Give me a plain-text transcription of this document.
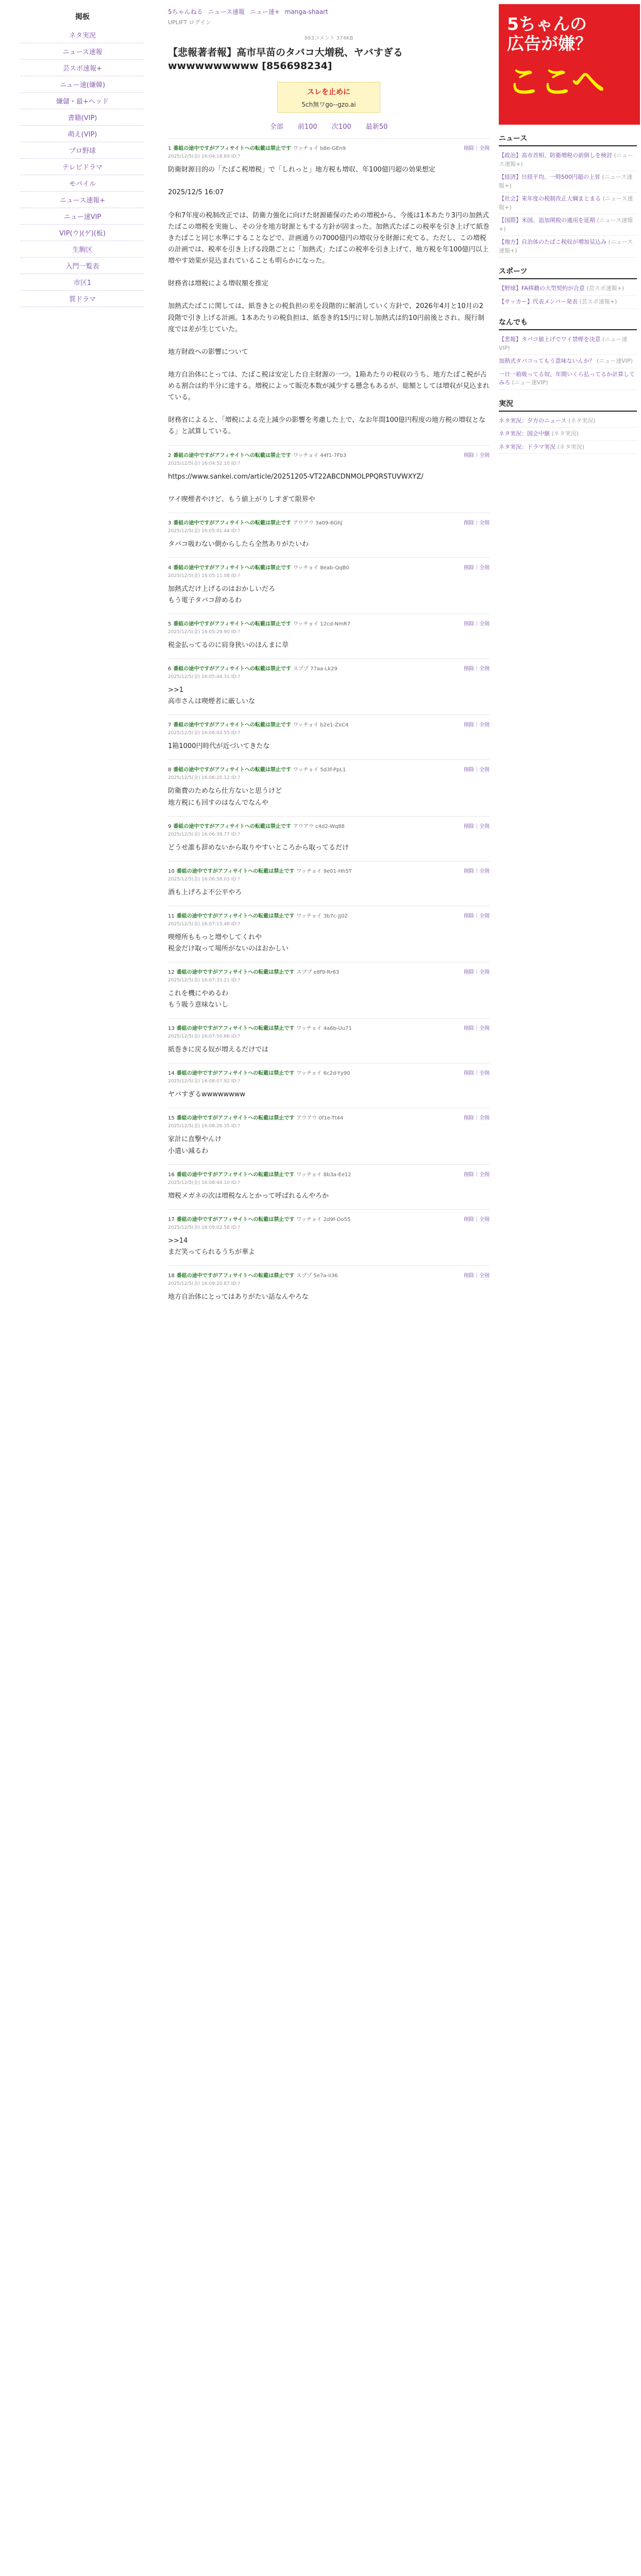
掲板
ネタ実況
ニュース速報
芸スポ速報+
ニュー速(嫌韓)
嫌儲・最+ヘッド
書籍(VIP)
萌え(VIP)
プロ野球
テレビドラマ
モバイル
ニュース速報+
ニュー速VIP
VIP(ウ)(ゲ)(板)
生駒区
入門一覧表
市区1
質ドラマ
5ちゃんねる ニュース速報 ニュー速+ manga-shaart
UPLIFT ログイン
993コメント 374KB
【悲報著者報】高市早苗のタバコ大増税、ヤバすぎるwwwwwwwwww [856698234]
スレを止めに
5ch無ワgo--gzo.ai
全部 前100 次100 最新50
1 番組の途中ですがアフィサイトへの転載は禁止です ワッチョイ b8e-GEn9	削除｜全削
2025/12/5(金) 16:04:18.69 ID:?
防衛財源目的の「たばこ税増税」で「しれっと」地方税も増収、年100億円超の効果想定

2025/12/5 16:07

令和7年度の税制改正では、防衛力強化に向けた財源確保のための増税から、今後は1本あたり3円の加熱式たばこの増税を実施し、その分を地方財源ともする方針が固まった。加熱式たばこの税率を引き上げて紙巻きたばこと同じ水準にすることなどで、計画通りの7000億円の増収分を財源に充てる。ただし、この増税の計画では、税率を引き上げる段階ごとに「加熱式」たばこの税率を引き上げて、地方税を年100億円以上増やす効果が見込まれていることも明らかになった。

財務省は増税による増収額を推定

加熱式たばこに関しては、紙巻きとの税負担の差を段階的に解消していく方針で、2026年4月と10月の2段階で引き上げる計画。1本あたりの税負担は、紙巻き約15円に対し加熱式は約10円前後とされ、現行制度では差が生じていた。

地方財政への影響について

地方自治体にとっては、たばこ税は安定した自主財源の一つ。1箱あたりの税収のうち、地方たばこ税が占める割合は約半分に達する。増税によって販売本数が減少する懸念もあるが、総額としては増収が見込まれている。

財務省によると、「増税による売上減少の影響を考慮した上で、なお年間100億円程度の地方税の増収となる」と試算している。
2 番組の途中ですがアフィサイトへの転載は禁止です ワッチョイ 44f1-7Fb3	削除｜全削
2025/12/5(金) 16:04:52.10 ID:?
https://www.sankei.com/article/20251205-VT22ABCDNMOLPPQRSTUVWXYZ/

ワイ喫煙者やけど、もう値上がりしすぎて限界や
3 番組の途中ですがアフィサイトへの転載は禁止です アウアウ 3a09-6GhJ	削除｜全削
2025/12/5(金) 16:05:01.44 ID:?
タバコ吸わない側からしたら全然ありがたいわ
4 番組の途中ですがアフィサイトへの転載は禁止です ワッチョイ 8eab-QqB0	削除｜全削
2025/12/5(金) 16:05:11.08 ID:?
加熱式だけ上げるのはおかしいだろ
もう電子タバコ辞めるわ
5 番組の途中ですがアフィサイトへの転載は禁止です ワッチョイ 12cd-NmR7	削除｜全削
2025/12/5(金) 16:05:29.90 ID:?
税金払ってるのに肩身狭いのほんまに草
6 番組の途中ですがアフィサイトへの転載は禁止です スププ 77aa-Lk29	削除｜全削
2025/12/5(金) 16:05:44.31 ID:?
>>1
高市さんは喫煙者に厳しいな
7 番組の途中ですがアフィサイトへの転載は禁止です ワッチョイ b2e1-ZxC4	削除｜全削
2025/12/5(金) 16:06:02.55 ID:?
1箱1000円時代が近づいてきたな
8 番組の途中ですがアフィサイトへの転載は禁止です ワッチョイ 5d3f-PpL1	削除｜全削
2025/12/5(金) 16:06:20.12 ID:?
防衛費のためなら仕方ないと思うけど
地方税にも回すのはなんでなんや
9 番組の途中ですがアフィサイトへの転載は禁止です アウアウ c4d2-Wq88	削除｜全削
2025/12/5(金) 16:06:39.77 ID:?
どうせ誰も辞めないから取りやすいところから取ってるだけ
10 番組の途中ですがアフィサイトへの転載は禁止です ワッチョイ 9e01-Hh5T	削除｜全削
2025/12/5(金) 16:06:58.03 ID:?
酒も上げろよ不公平やろ
11 番組の途中ですがアフィサイトへの転載は禁止です ワッチョイ 3b7c-Jj02	削除｜全削
2025/12/5(金) 16:07:15.48 ID:?
喫煙所ももっと増やしてくれや
税金だけ取って場所がないのはおかしい
12 番組の途中ですがアフィサイトへの転載は禁止です スププ e8f9-Rr63	削除｜全削
2025/12/5(金) 16:07:33.21 ID:?
これを機にやめるわ
もう吸う意味ないし
13 番組の途中ですがアフィサイトへの転載は禁止です ワッチョイ 4a6b-Uu71	削除｜全削
2025/12/5(金) 16:07:50.66 ID:?
紙巻きに戻る奴が増えるだけでは
14 番組の途中ですがアフィサイトへの転載は禁止です ワッチョイ 6c2d-Yy90	削除｜全削
2025/12/5(金) 16:08:07.92 ID:?
ヤバすぎるwwwwwwww
15 番組の途中ですがアフィサイトへの転載は禁止です アウアウ 0f1e-Tt44	削除｜全削
2025/12/5(金) 16:08:26.35 ID:?
家計に直撃やんけ
小遣い減るわ
16 番組の途中ですがアフィサイトへの転載は禁止です ワッチョイ 8b3a-Ee12	削除｜全削
2025/12/5(金) 16:08:44.10 ID:?
増税メガネの次は増税なんとかって呼ばれるんやろか
17 番組の途中ですがアフィサイトへの転載は禁止です ワッチョイ 2d9f-Oo55	削除｜全削
2025/12/5(金) 16:09:02.58 ID:?
>>14
まだ笑ってられるうちが華よ
18 番組の途中ですがアフィサイトへの転載は禁止です スププ 5e7a-Ii36	削除｜全削
2025/12/5(金) 16:09:20.87 ID:?
地方自治体にとってはありがたい話なんやろな
5ちゃんの
広告が嫌？
ここへ
ニュース
【政治】高市首相、防衛増税の前倒しを検討 (ニュース速報+)
【経済】日経平均、一時500円超の上昇 (ニュース速報+)
【社会】来年度の税制改正大綱まとまる (ニュース速報+)
【国際】米国、追加関税の適用を延期 (ニュース速報+)
【地方】自治体のたばこ税収が増加見込み (ニュース速報+)
スポーツ
【野球】FA移籍の大型契約が合意 (芸スポ速報+)
【サッカー】代表メンバー発表 (芸スポ速報+)
なんでも
【悲報】タバコ値上げでワイ禁煙を決意 (ニュー速VIP)
加熱式タバコってもう意味ないんか？ (ニュー速VIP)
一日一箱吸ってる奴、年間いくら払ってるか計算してみろ (ニュー速VIP)
実況
ネタ実況：夕方のニュース (ネタ実況)
ネタ実況：国会中継 (ネタ実況)
ネタ実況：ドラマ実況 (ネタ実況)
